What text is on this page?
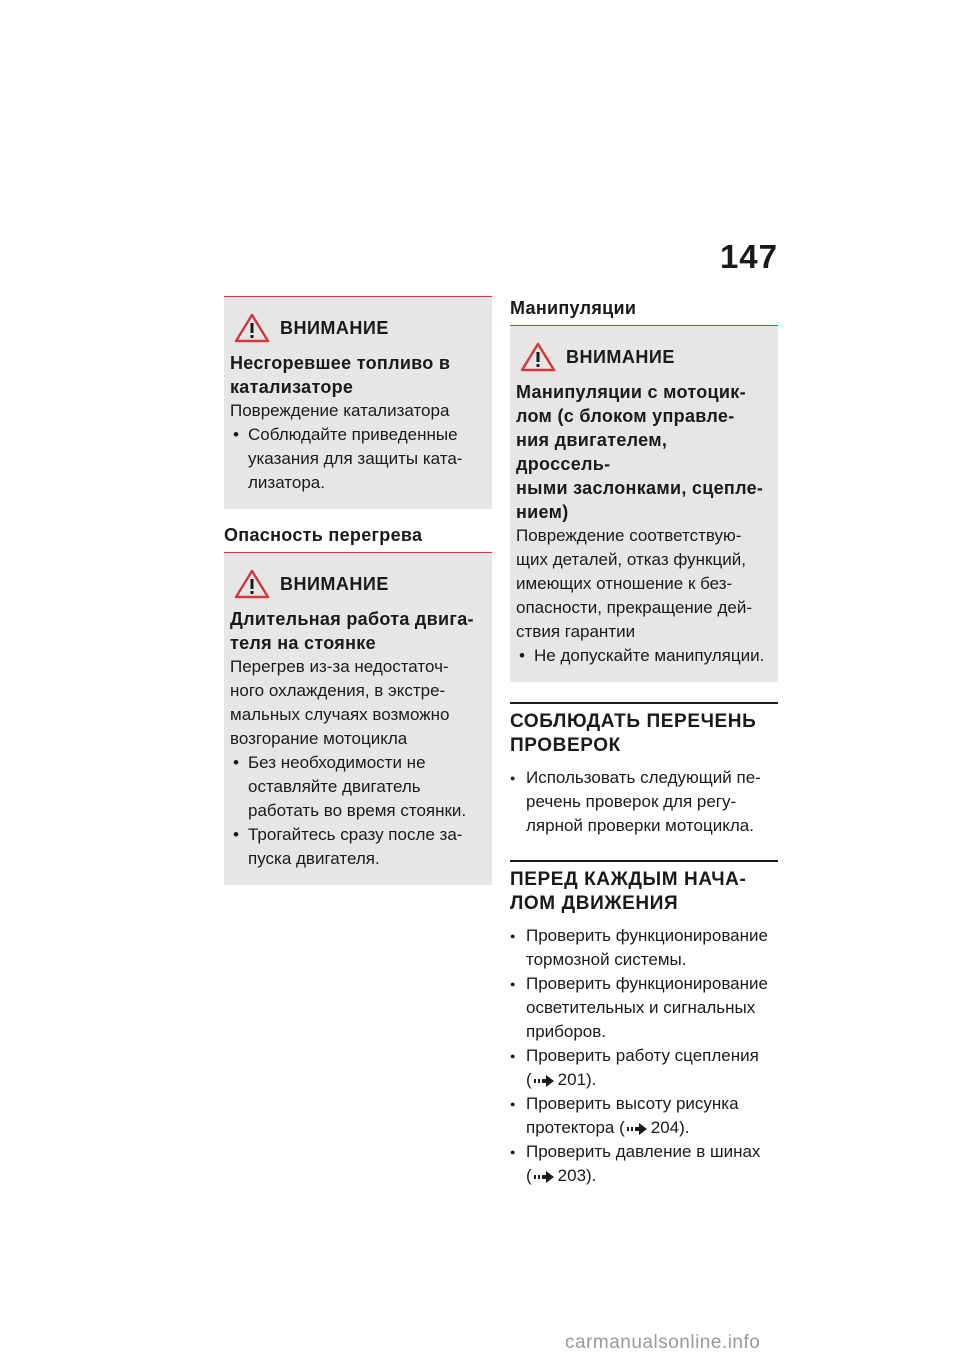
147
ВНИМАНИЕ
Несгоревшее топливо в
катализаторе
Повреждение катализатора
• Соблюдайте приведенные
указания для защиты ката-
лизатора.
Опасность перегрева
ВНИМАНИЕ
Длительная работа двига-
теля на стоянке
Перегрев из-за недостаточ-
ного охлаждения, в экстре-
мальных случаях возможно
возгорание мотоцикла
• Без необходимости не
оставляйте двигатель
работать во время стоянки.
• Трогайтесь сразу после за-
пуска двигателя.
Манипуляции
ВНИМАНИЕ
Манипуляции с мотоцик-
лом (с блоком управле-
ния двигателем, дроссель-
ными заслонками, сцепле-
нием)
Повреждение соответствую-
щих деталей, отказ функций,
имеющих отношение к без-
опасности, прекращение дей-
ствия гарантии
• Не допускайте манипуляции.
СОБЛЮДАТЬ ПЕРЕЧЕНЬ
ПРОВЕРОК
● Использовать следующий пе-
речень проверок для регу-
лярной проверки мотоцикла.
ПЕРЕД КАЖДЫМ НАЧА-
ЛОМ ДВИЖЕНИЯ
● Проверить функционирование
тормозной системы.
● Проверить функционирование
осветительных и сигнальных
приборов.
● Проверить работу сцепления
( 201).
● Проверить высоту рисунка
протектора ( 204).
● Проверить давление в шинах
( 203).
carmanualsonline.info
